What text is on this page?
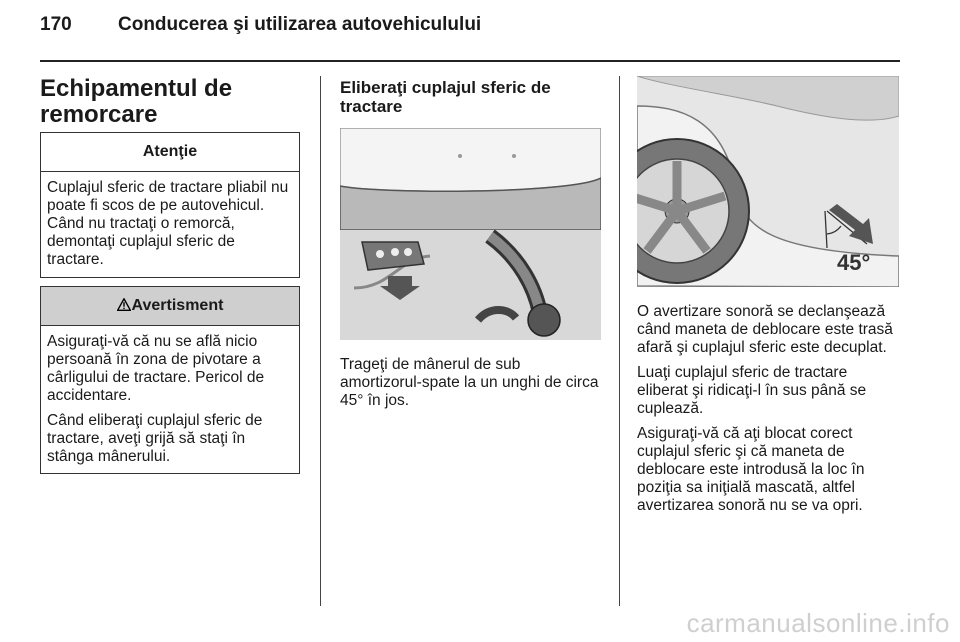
170 Conducerea şi utilizarea autovehiculului
Echipamentul de remorcare
Atenţie

Cuplajul sferic de tractare pliabil nu poate fi scos de pe autovehicul. Când nu tractaţi o remorcă, demontaţi cuplajul sferic de tractare.

Avertisment

Asiguraţi-vă că nu se află nicio persoană în zona de pivotare a cârligului de tractare. Pericol de accidentare.

Când eliberaţi cuplajul sferic de tractare, aveţi grijă să staţi în stânga mânerului.

Eliberaţi cuplajul sferic de tractare
Trageţi de mânerul de sub amortizorul-spate la un unghi de circa 45° în jos.
45°

O avertizare sonoră se declanşează când maneta de deblocare este trasă afară şi cuplajul sferic este decuplat.

Luaţi cuplajul sferic de tractare eliberat şi ridicaţi-l în sus până se cuplează.

Asiguraţi-vă că aţi blocat corect cuplajul sferic şi că maneta de deblocare este introdusă la loc în poziţia sa iniţială mascată, altfel avertizarea sonoră nu se va opri.

carmanualsonline.info
